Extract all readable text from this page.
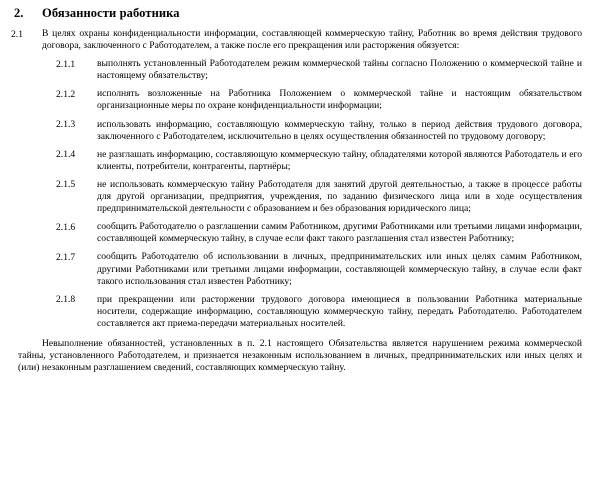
2.	Обязанности работника
2.1	В целях охраны конфиденциальности информации, составляющей коммерческую тайну, Работник во время действия трудового договора, заключенного с Работодателем, а также после его прекращения или расторжения обязуется:
2.1.1	выполнять установленный Работодателем режим коммерческой тайны согласно Положению о коммерческой тайне и настоящему обязательству;
2.1.2	исполнять возложенные на Работника Положением о коммерческой тайне и настоящим обязательством организационные меры по охране конфиденциальности информации;
2.1.3	использовать информацию, составляющую коммерческую тайну, только в период действия трудового договора, заключенного с Работодателем, исключительно в целях осуществления обязанностей по трудовому договору;
2.1.4	не разглашать информацию, составляющую коммерческую тайну, обладателями которой являются Работодатель и его клиенты, потребители, контрагенты, партнёры;
2.1.5	не использовать коммерческую тайну Работодателя для занятий другой деятельностью, а также в процессе работы для другой организации, предприятия, учреждения, по заданию физического лица или в ходе осуществления предпринимательской деятельности с образованием и без образования юридического лица;
2.1.6	сообщить Работодателю о разглашении самим Работником, другими Работниками или третьими лицами информации, составляющей коммерческую тайну, в случае если факт такого разглашения стал известен Работнику;
2.1.7	сообщить Работодателю об использовании в личных, предпринимательских или иных целях самим Работником, другими Работниками или третьими лицами информации, составляющей коммерческую тайну, в случае если факт такого использования стал известен Работнику;
2.1.8	при прекращении или расторжении трудового договора имеющиеся в пользовании Работника материальные носители, содержащие информацию, составляющую коммерческую тайну, передать Работодателю. Работодателем составляется акт приема-передачи материальных носителей.

Невыполнение обязанностей, установленных в п. 2.1 настоящего Обязательства является нарушением режима коммерческой тайны, установленного Работодателем, и признается незаконным использованием в личных, предпринимательских или иных целях и (или) незаконным разглашением сведений, составляющих коммерческую тайну.
